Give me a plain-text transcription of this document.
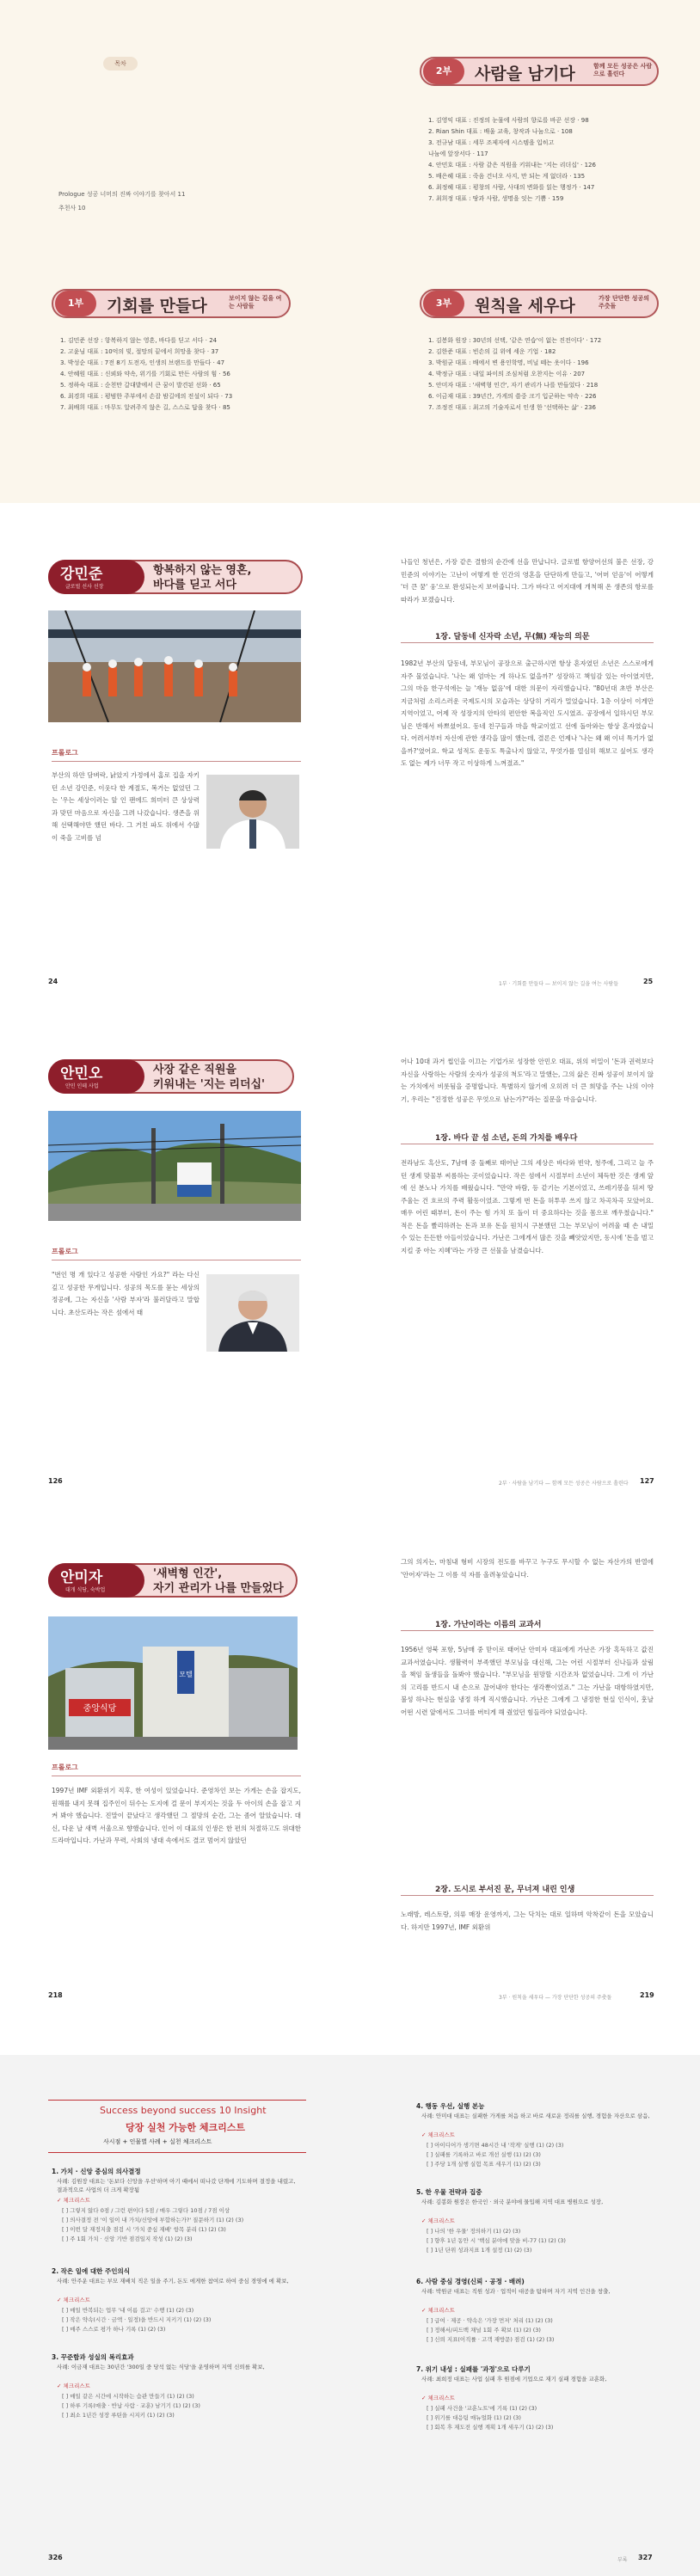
목차
Prologue 성공 너머의 진짜 이야기를 찾아서 11
추천사 10
1부	기회를 만들다	보이지 않는 길을 여는 사람들
1. 김민준 선장 : 항복하지 않는 영혼, 바다를 딛고 서다 · 24
2. 고윤님 대표 : 10억의 빚, 절망의 끝에서 희망을 찾다 · 37
3. 박성순 대표 : 7전 8기 도전자, 인생의 브랜드를 만들다 · 47
4. 안혜원 대표 : 신뢰와 약속, 위기를 기회로 만든 사람의 힘 · 56
5. 정하숙 대표 : 순천만 갈대밭에서 큰 꿈이 발견된 선화 · 65
6. 최경희 대표 : 평범한 주부에서 손잡 밤길에의 전설이 되다 · 73
7. 최배희 대표 : 마무도 알려주지 않은 길, 스스로 답을 찾다 · 85
2부	사람을 남기다	함께 모든 성공은 사람으로 흘린다
1. 김영익 대표 : 진정의 눈물에 사람의 향로를 바꾼 선장 · 98
2. Rian Shin 대표 : 배울 교육, 창작과 나눔으로 · 108
3. 전규남 대표 : 세무 조제자에 시스템을 입히고
나눔에 앞장서다 · 117
4. 안민호 대표 : 사람 같은 직원을 키워내는 '지는 리더십' · 126
5. 배은혜 대표 : 죽음 건너오 사지, 만 되는 게 없더라 · 135
6. 최정혜 대표 : 평창의 사람, 사대의 변화를 읽는 행정가 · 147
7. 최희정 대표 : 땅과 사람, 생명을 잇는 기쁨 · 159
3부	원칙을 세우다	가장 단단한 성공의 주춧돌
1. 김봉화 원장 : 30년의 선택, '같은 연습'이 없는 진전이다' · 172
2. 김한준 대표 : 빈손의 길 위에 세운 기업 · 182
3. 박원균 대표 : 배에서 변 용인학명, 비닐 떼는 옷이다 · 196
4. 박정규 대표 : 내일 파이의 조심처럼 오찬지는 이유 · 207
5. 안미자 대표 : '새벽형 인간', 자기 관리가 나를 만들었다 · 218
6. 이금재 대표 : 39년간, 가게의 쓸중 크기 입군하는 약속 · 226
7. 조정진 대표 : 최고의 기술자로서 인생 한 '선택하는 삶' · 236
강민준
글로벌 선사 선장
항복하지 않는 영혼,
바다를 딛고 서다
프롤로그
부산의 하얀 담벼락, 낡았지 가정에서 홈로 집을 자키던 소년 강민준, 이웃다 한 계절도, 복거는 없었던 그는 '우는 세상이러는 앞 인 팬에드 희미터 큰 상상력과 맞던 마음으로 자신을 그려 나갔습니다. 생존을 위해 선택해야만 했던 바다. 그 거친 파도 위에서 수많이 죽을 고비를 넘
24
나들인 청년은, 가장 같은 결함의 순간에 선을 만납니다. 글로벌 항양어선의 불은 선장, 강민준의 이야기는 고난이 어떻게 한 인간의 영혼을 단단하게 만들고, '어머 얻음'이 어떻게 '더 큰 꿈' 웅'으로 완성되는지 보여줍니다. 그가 바다고 어지대에 개척해 온 생존의 항로를 따라가 보겠습니다.
1장. 달동네 신자락 소년, 무(無) 재능의 의문
1982년 부산의 달동네, 부모님이 공장으로 출근하시면 항상 혼자였던 소년은 스스로에게 자주 물었습니다. '나는 왜 엄마는 게 하나도 없을까?' 성장하고 책임감 있는 아이였지만, 그의 마음 한구석에는 늘 '재능 없음'에 대한 의문이 자리했습니다. "80년대 초반 부산은 지금처럼 소리스러운 국제도시의 모습과는 상당히 거리가 멀었습니다. 1층 이상이 이게만 지역이었고, 어제 작 성장지의 안타의 편안한 복을직인 도시였죠. 공장에서 일하시던 부모님은 반해서 바쁘셨어요. 동네 친구들과 마을 학교이었고 선에 돌아와는 항상 혼자였습니다. 어려서부터 자신에 관한 생각을 많이 했는데, 결론은 언제나 '나는 왜 왜 이녀 특기가 없을까?'였어요. 학교 성적도 운동도 특출나지 않았고, 무엇가를 열심히 해보고 싶어도 생각도 없는 제가 너무 작고 이상하게 느껴졌죠."
1부 · 기회를 만들다 — 보이지 않는 길을 여는 사람들	25
안민오
안민 인테 사업
사장 같은 직원을
키워내는 '지는 리더십'
프롤로그
"번인 명 개 있다고 성공한 사람인 가요?" 라는 다신 깊고 성공한 무게입니다. 성공의 목도를 묻는 세상의 정공에, 그는 자신을 '사람 부자'라 불러달라고 말합니다. 초산도라는 작은 섬에서 태
126
어나 10대 과거 썹인을 이끄는 기업가로 성장한 안민오 대표, 위의 비밀이 '돈과 권력보다 자신을 사랑하는 사람의 숫자가 성공의 척도'라고 말했는, 그의 삶은 진짜 성공이 보이지 않는 가치에서 비롯됨을 증명합니다. 특별하지 않기에 오히려 더 큰 희망을 주는 나의 이야기, 우리는 "진정한 성공은 무엇으로 남는가?"라는 질문을 마음습니다.
1장. 바다 끝 섬 소년, 돈의 가치를 배우다
전라남도 흑산도, 7남매 중 둘째로 태어난 그의 세상은 바다와 빈약, 청주에, 그리고 늘 주던 생계 맞물부 씨름하는 곳이었습니다. 작은 섬에서 시절부터 소년이 체득한 것은 생계 앞에 선 분노나 가치를 배웠습니다. "만약 바람, 등 같기는 기본이었고, 쓰레기봉을 뒤져 땅 주울는 건 흐르의 주력 활동이었죠. 그렇게 번 돈을 허투루 쓰지 않고 차곡차곡 모았어요. 매우 어린 때부터, 돈이 주는 힘 가치 또 돌이 더 중요하다는 것을 몸으로 깨우쳤습니다." 적은 돈을 빨리하려는 돈과 보유 돈을 원치시 구분했던 그는 부모님이 어려울 때 손 내밀 수 있는 든든한 아들이었습니다. 가난은 그에게서 많은 것을 빼앗았지만, 동시에 '돈을 벌고 지킬 중 아는 지혜'라는 가장 큰 선물을 남겼습니다.
2부 · 사람을 남기다 — 함께 모든 성공은 사람으로 흘린다 127
안미자
대개 식당, 숙박업
'새벽형 인간',
자기 관리가 나를 만들었다
중앙식당
모텔
프롤로그
1997년 IMF 외환위기 직후, 한 여성이 있었습니다. 준영차인 보는 가게는 손을 잡지도, 원해를 내지 못해 집주인이 뒤수는 도지에 걸 문이 부지지는 것을 두 아이의 손을 잡고 지켜 봐야 했습니다. 진말이 끝났다고 생각했던 그 절망의 순간, 그는 좀어 알았습니다. 대신, 다운 날 새벽 서울으로 향했습니다. 인어 이 대표의 인생은 한 편의 처절하고도 위대한 드라마입니다. 가난과 무력, 사회의 냉대 속에서도 결코 멈어지 않았던
218
그의 의지는, 마침내 형비 시장의 전도를 바꾸고 누구도 무시할 수 없는 자산가의 반열에 '안어자'라는 그 이름 석 자를 올려놓았습니다.
1장. 가난이라는 이름의 교과서
1956년 영북 포항, 5남매 중 맏이로 태어난 안미자 대표에게 가난은 가장 혹독하고 값진 교과서였습니다. 생활력이 부족했던 부모님을 대신해, 그는 어린 시절부터 신나들과 살림을 책임 돌생들을 돌봐야 했습니다. "부모님을 원망할 시간조차 없었습니다. 그게 이 가난의 고리를 반드시 내 손으로 끊어내야 한다는 생각뿐이었죠." 그는 가난을 대항하였지만, 불성 하나는 현실을 냉정 하게 직시했습니다. 가난은 그에게 그 냉정한 현실 인식이, 훗날 어떤 시련 앞에서도 그녀를 버티게 해 줬었던 힘들라야 되었습니다.
2장. 도시로 부서진 문, 무너져 내린 인생
노래방, 레스토랑, 의류 매장 운영까지, 그는 닥치는 대로 일하며 악착같이 돈을 모았습니다. 하지만 1997년, IMF 외환위
3부 · 원칙을 세우다 — 가장 단단한 성공의 주춧돌	219
Success beyond success 10 Insight
당장 실천 가능한 체크리스트
사시점 + 인물별 사례 + 실천 체크리스트
1. 가치 · 신앙 중심의 의사결정
사례: 김원장 대표는 '돈보다 신앙을 우선'하며 아기 때에서 떠나갔 단계에 기도하며 결정을 내렸고, 결과적으로 사업의 더 크게 확장됨
✓ 체크리스트
[ ] 그렇지 않다 0점 / 그런 편이다 5점 / 매우 그렇다 10점 / 7점 이상
[ ] 의사결정 전 '이 일이 내 가치/신앙에 부합하는가?' 질문하기 (1) (2) (3)
[ ] 이번 달 재정지출 점검 시 '가치 중심 재배' 항목 분리 (1) (2) (3)
[ ] 주 1회 가치 · 신앙 기반 점검일지 작성 (1) (2) (3)
2. 작은 일에 대한 주인의식
사례: 안주운 대표는 부모 재배치 직은 일을 주기, 돈도 에게한 참여로 하여 중심 경영에 에 확보,
✓ 체크리스트
[ ] 매일 반복되는 업무 '내 이름 걸고' 수행 (1) (2) (3)
[ ] 작은 약속(시간 · 금액 · 일정)을 반드시 지키기 (1) (2) (3)
[ ] 매주 스스로 평가 하나 기록 (1) (2) (3)
3. 꾸준함과 성실의 복리효과
사례: 이금재 대표는 30년간 '300일 중 당석 없는 식당'을 운영하며 지역 신뢰를 확보,
✓ 체크리스트
[ ] 매일 같은 시간에 시작하는 습관 만들기 (1) (2) (3)
[ ] 하루 기록(매출 · 반납 사람 · 교훈) 남기기 (1) (2) (3)
[ ] 최소 1년간 성장 루틴을 시지키 (1) (2) (3)
4. 행동 우선, 실행 본능
사례: 안미대 대표는 실패한 가게를 처음 하고 바로 새로운 정리를 실행, 경험을 자산으로 삼음,
✓ 체크리스트
[ ] 아이디어가 생기면 48시간 내 '작게' 실행 (1) (2) (3)
[ ] 실패를 기록하고 바로 개선 실행 (1) (2) (3)
[ ] 주당 1개 실행 실험 목표 세우기 (1) (2) (3)
5. 한 우물 전략과 집중
사례: 김봉화 원장은 한국인 · 외국 분야에 물입해 지역 대표 병원으로 성장,
✓ 체크리스트
[ ] 나의 '한 우물' 정의하기 (1) (2) (3)
[ ] 향후 1년 동안 시 '핵심 분야에 맞을 비-77 (1) (2) (3)
[ ] 1년 단위 성과지표 1개 설정 (1) (2) (3)
6. 사람 중심 경영(신뢰 · 공정 · 배려)
사례: 박원균 대표는 직원 성과 · 업적이 대공을 탐하며 자기 지역 인건을 창출,
✓ 체크리스트
[ ] 급여 · 제공 · 약속은 '가장 먼저' 처리 (1) (2) (3)
[ ] 정해서/피드백 채널 1회 주 확보 (1) (2) (3)
[ ] 신뢰 지표(이직률 · 고객 재방문) 점검 (1) (2) (3)
7. 위기 내성 : 실패를 '과정'으로 다루기
사례: 최희정 대표는 사업 실패 후 원점에 기업으로 재기 실패 경험을 교훈화,
✓ 체크리스트
[ ] 실패 사건을 '교훈노트'에 기록 (1) (2) (3)
[ ] 위기를 대응팀 매뉴얼화 (1) (2) (3)
[ ] 회복 후 재도전 실행 계획 1개 세우기 (1) (2) (3)
326	부록 327
